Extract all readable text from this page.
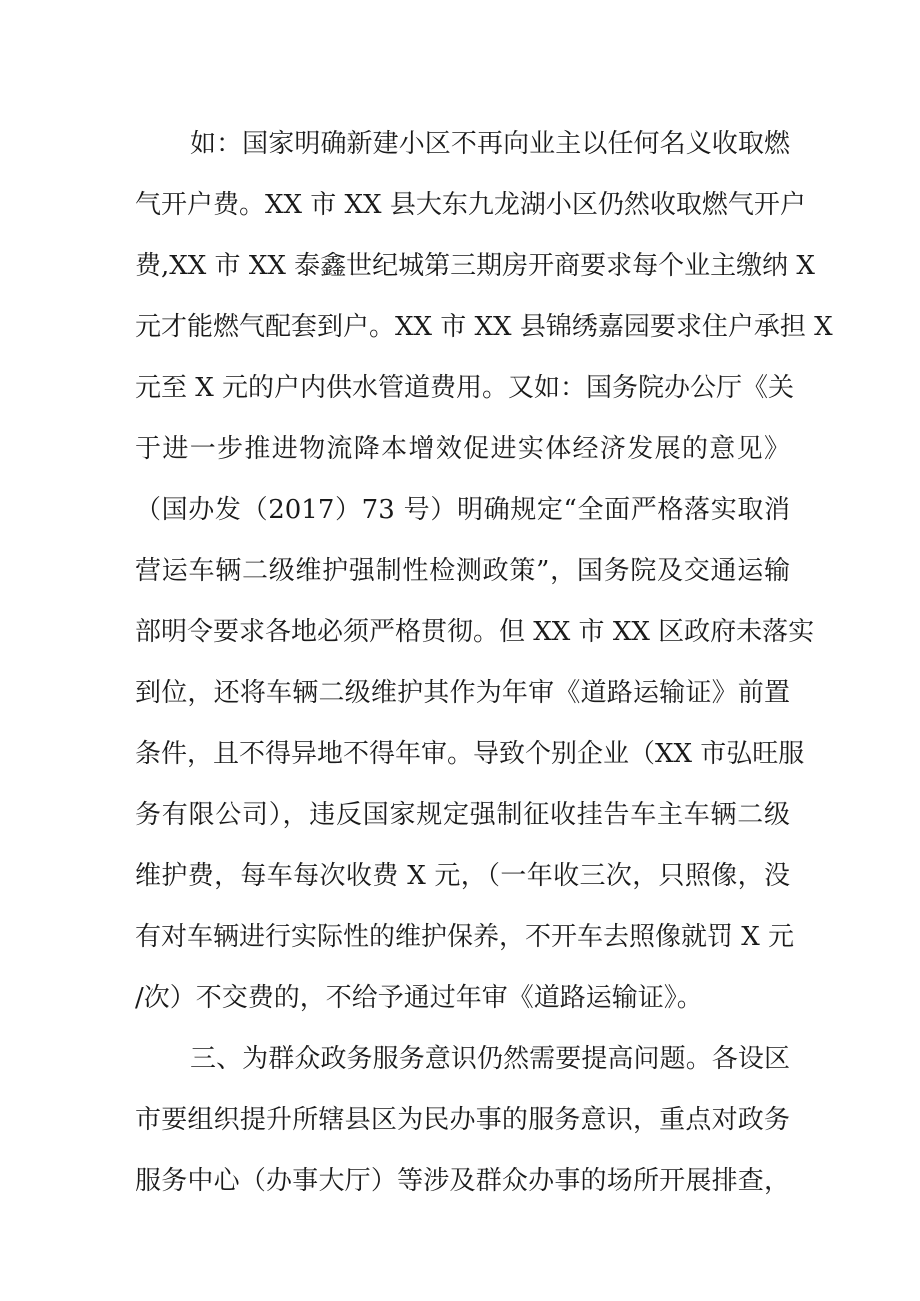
如：国家明确新建小区不再向业主以任何名义收取燃
气开户费。XX 市 XX 县大东九龙湖小区仍然收取燃气开户
费,XX 市 XX 泰鑫世纪城第三期房开商要求每个业主缴纳 X
元才能燃气配套到户。XX 市 XX 县锦绣嘉园要求住户承担 X
元至 X 元的户内供水管道费用。又如：国务院办公厅《关
于进一步推进物流降本增效促进实体经济发展的意见》
（国办发（2017）73 号）明确规定“全面严格落实取消
营运车辆二级维护强制性检测政策”，国务院及交通运输
部明令要求各地必须严格贯彻。但 XX 市 XX 区政府未落实
到位，还将车辆二级维护其作为年审《道路运输证》前置
条件，且不得异地不得年审。导致个别企业（XX 市弘旺服
务有限公司），违反国家规定强制征收挂告车主车辆二级
维护费，每车每次收费 X 元，（一年收三次，只照像，没
有对车辆进行实际性的维护保养，不开车去照像就罚 X 元
/次）不交费的，不给予通过年审《道路运输证》。
三、为群众政务服务意识仍然需要提高问题。各设区
市要组织提升所辖县区为民办事的服务意识，重点对政务
服务中心（办事大厅）等涉及群众办事的场所开展排查，
